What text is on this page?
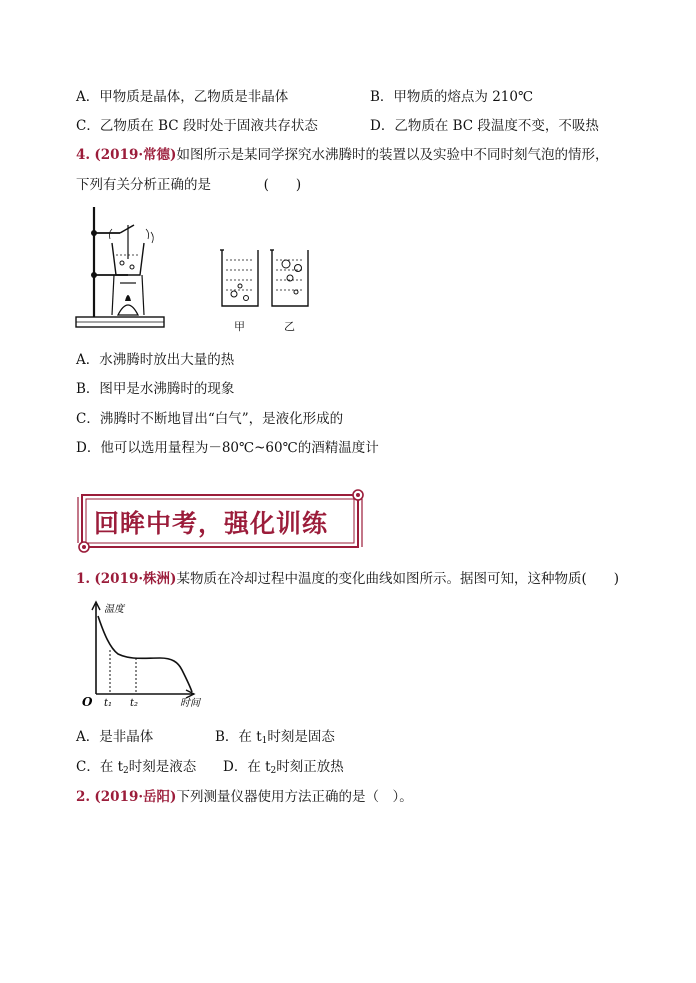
A．甲物质是晶体，乙物质是非晶体	B．甲物质的熔点为 210℃
C．乙物质在 BC 段时处于固液共存状态	D．乙物质在 BC 段温度不变，不吸热
4. (2019·常德)如图所示是某同学探究水沸腾时的装置以及实验中不同时刻气泡的情形，
下列有关分析正确的是	(　　)
甲	乙
A．水沸腾时放出大量的热
B．图甲是水沸腾时的现象
C．沸腾时不断地冒出“白气”，是液化形成的
D．他可以选用量程为－80℃~60℃的酒精温度计
回眸中考，强化训练
1. (2019·株洲)某物质在冷却过程中温度的变化曲线如图所示。据图可知，这种物质(　　)
温度
O t₁ t₂	时间
A．是非晶体	B．在 $t_1$时刻是固态
C．在 $t_2$时刻是液态 D．在 $t_2$时刻正放热
2. (2019·岳阳)下列测量仪器使用方法正确的是（　）。
